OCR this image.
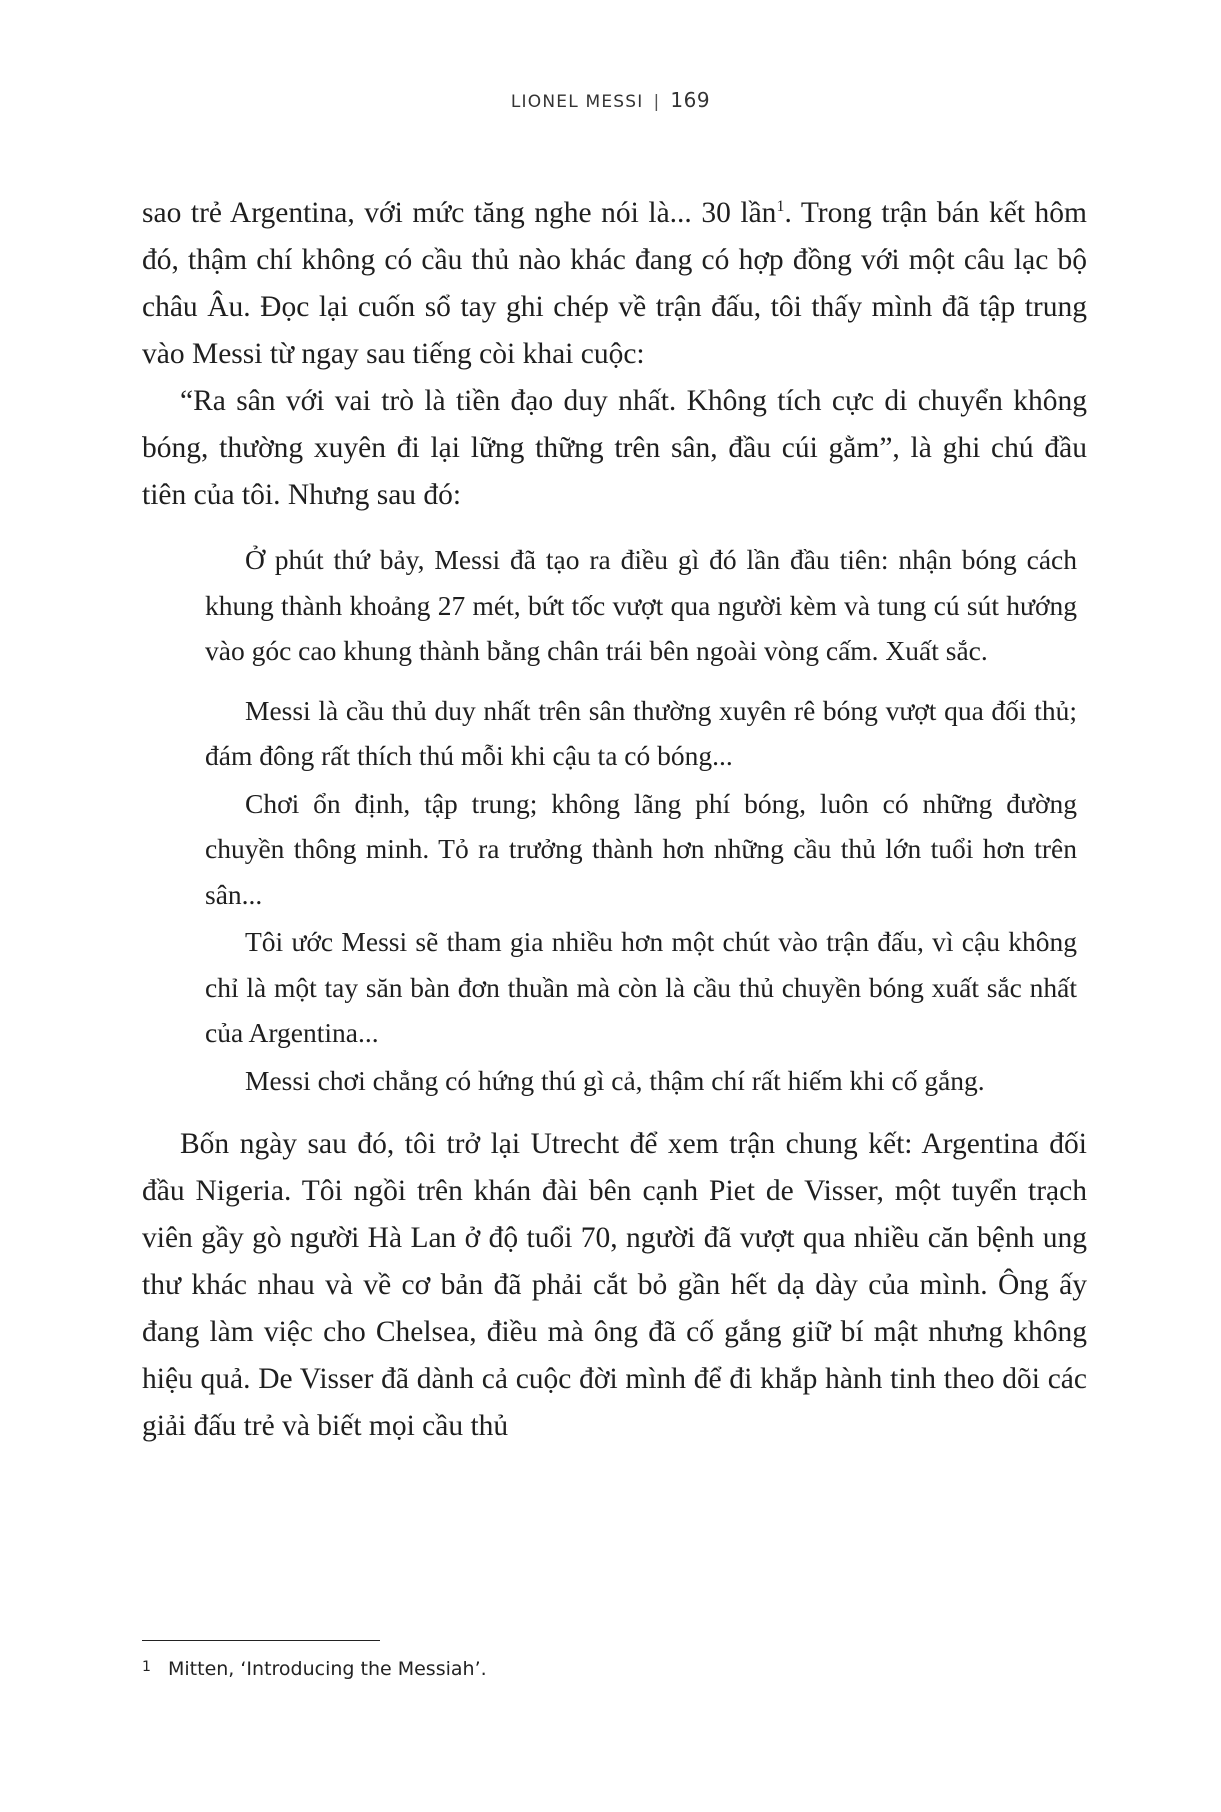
LIONEL MESSI | 169

sao trẻ Argentina, với mức tăng nghe nói là... 30 lần$^1$. Trong trận bán kết hôm đó, thậm chí không có cầu thủ nào khác đang có hợp đồng với một câu lạc bộ châu Âu. Đọc lại cuốn sổ tay ghi chép về trận đấu, tôi thấy mình đã tập trung vào Messi từ ngay sau tiếng còi khai cuộc:

“Ra sân với vai trò là tiền đạo duy nhất. Không tích cực di chuyển không bóng, thường xuyên đi lại lững thững trên sân, đầu cúi gằm”, là ghi chú đầu tiên của tôi. Nhưng sau đó:

Ở phút thứ bảy, Messi đã tạo ra điều gì đó lần đầu tiên: nhận bóng cách khung thành khoảng 27 mét, bứt tốc vượt qua người kèm và tung cú sút hướng vào góc cao khung thành bằng chân trái bên ngoài vòng cấm. Xuất sắc.

Messi là cầu thủ duy nhất trên sân thường xuyên rê bóng vượt qua đối thủ; đám đông rất thích thú mỗi khi cậu ta có bóng...

Chơi ổn định, tập trung; không lãng phí bóng, luôn có những đường chuyền thông minh. Tỏ ra trưởng thành hơn những cầu thủ lớn tuổi hơn trên sân...

Tôi ước Messi sẽ tham gia nhiều hơn một chút vào trận đấu, vì cậu không chỉ là một tay săn bàn đơn thuần mà còn là cầu thủ chuyền bóng xuất sắc nhất của Argentina...

Messi chơi chẳng có hứng thú gì cả, thậm chí rất hiếm khi cố gắng.

Bốn ngày sau đó, tôi trở lại Utrecht để xem trận chung kết: Argentina đối đầu Nigeria. Tôi ngồi trên khán đài bên cạnh Piet de Visser, một tuyển trạch viên gầy gò người Hà Lan ở độ tuổi 70, người đã vượt qua nhiều căn bệnh ung thư khác nhau và về cơ bản đã phải cắt bỏ gần hết dạ dày của mình. Ông ấy đang làm việc cho Chelsea, điều mà ông đã cố gắng giữ bí mật nhưng không hiệu quả. De Visser đã dành cả cuộc đời mình để đi khắp hành tinh theo dõi các giải đấu trẻ và biết mọi cầu thủ

1 Mitten, ‘Introducing the Messiah’.
